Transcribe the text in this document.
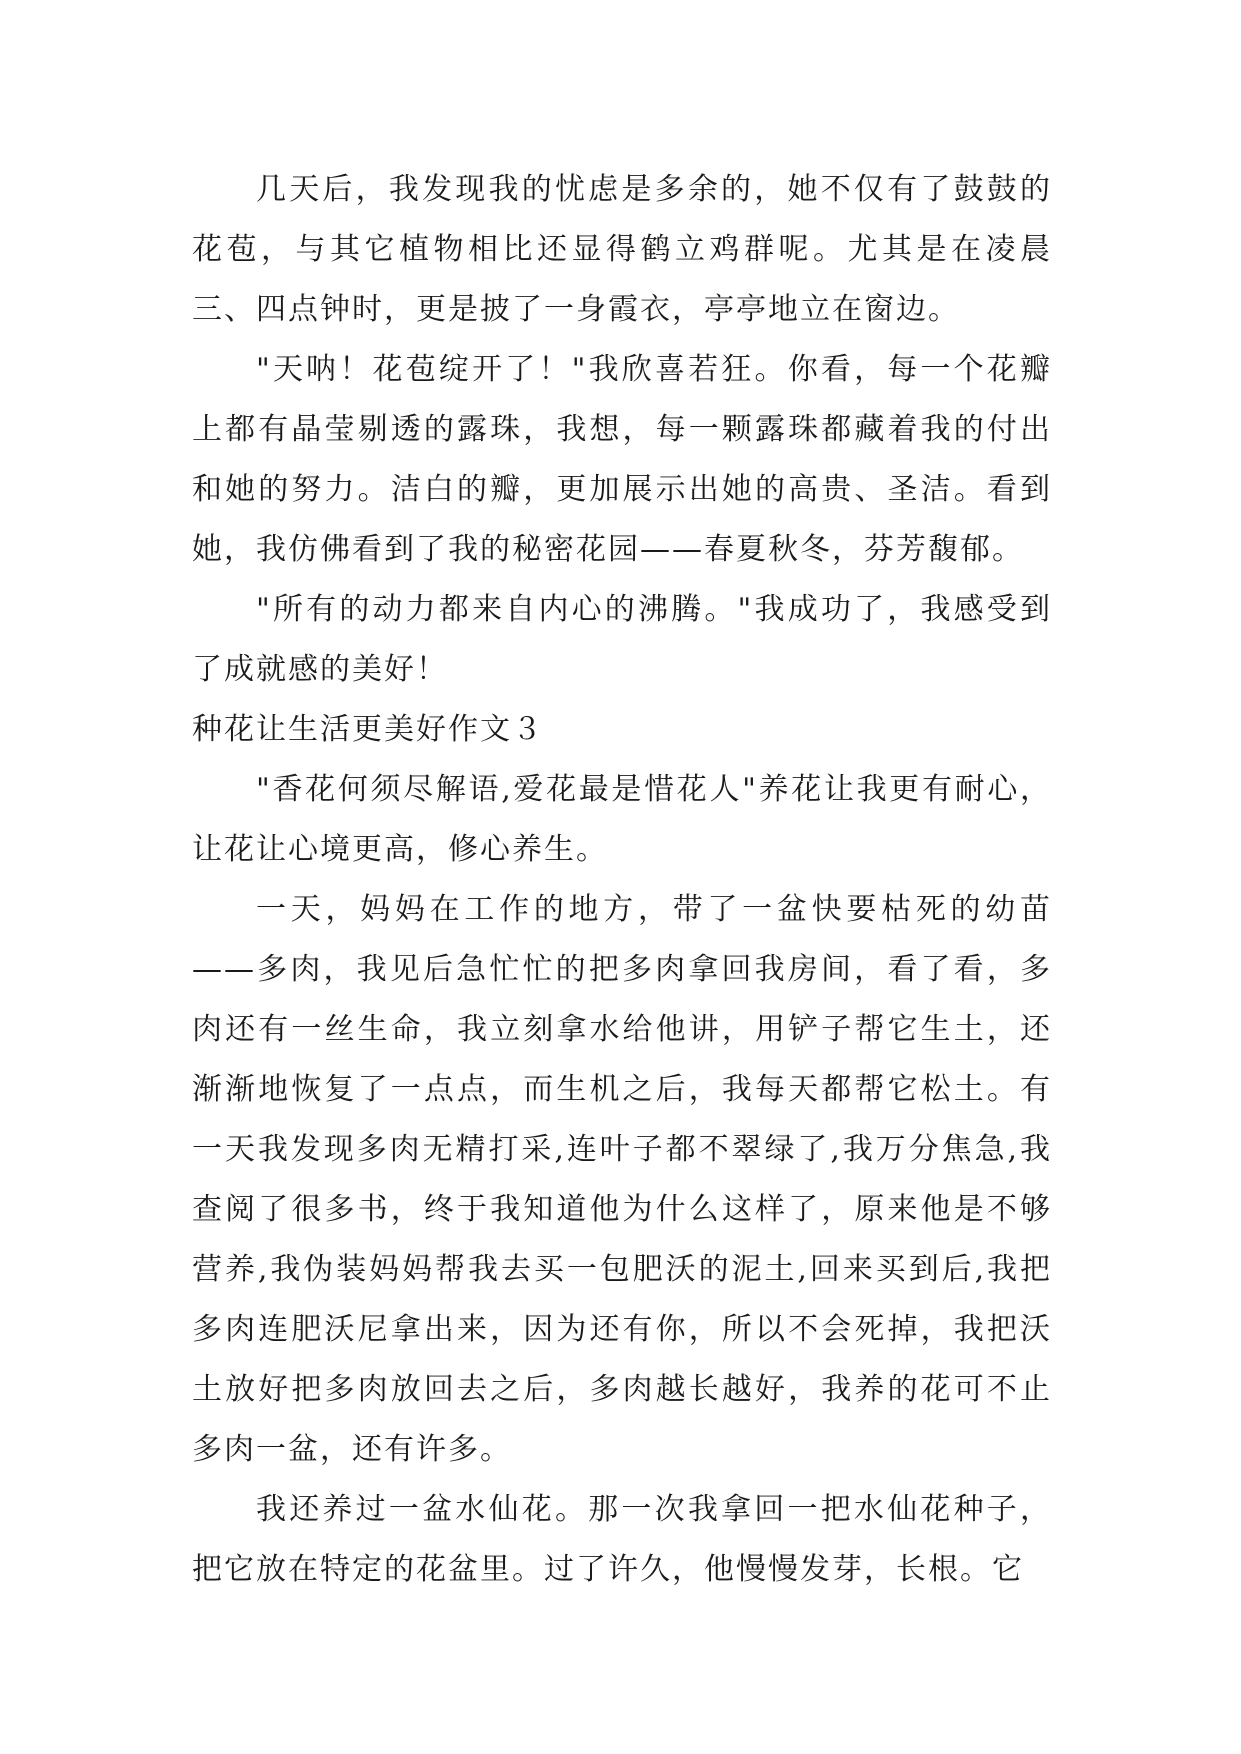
几天后，我发现我的忧虑是多余的，她不仅有了鼓鼓的花苞，与其它植物相比还显得鹤立鸡群呢。尤其是在凌晨三、四点钟时，更是披了一身霞衣，亭亭地立在窗边。

"天呐！花苞绽开了！"我欣喜若狂。你看，每一个花瓣上都有晶莹剔透的露珠，我想，每一颗露珠都藏着我的付出和她的努力。洁白的瓣，更加展示出她的高贵、圣洁。看到她，我仿佛看到了我的秘密花园——春夏秋冬，芬芳馥郁。

"所有的动力都来自内心的沸腾。"我成功了，我感受到了成就感的美好！

种花让生活更美好作文３

"香花何须尽解语,爱花最是惜花人"养花让我更有耐心，让花让心境更高，修心养生。

一天，妈妈在工作的地方，带了一盆快要枯死的幼苗——多肉，我见后急忙忙的把多肉拿回我房间，看了看，多肉还有一丝生命，我立刻拿水给他讲，用铲子帮它生土，还渐渐地恢复了一点点，而生机之后，我每天都帮它松土。有一天我发现多肉无精打采,连叶子都不翠绿了,我万分焦急,我查阅了很多书，终于我知道他为什么这样了，原来他是不够营养,我伪装妈妈帮我去买一包肥沃的泥土,回来买到后,我把多肉连肥沃尼拿出来，因为还有你，所以不会死掉，我把沃土放好把多肉放回去之后，多肉越长越好，我养的花可不止多肉一盆，还有许多。

我还养过一盆水仙花。那一次我拿回一把水仙花种子，把它放在特定的花盆里。过了许久，他慢慢发芽，长根。它
